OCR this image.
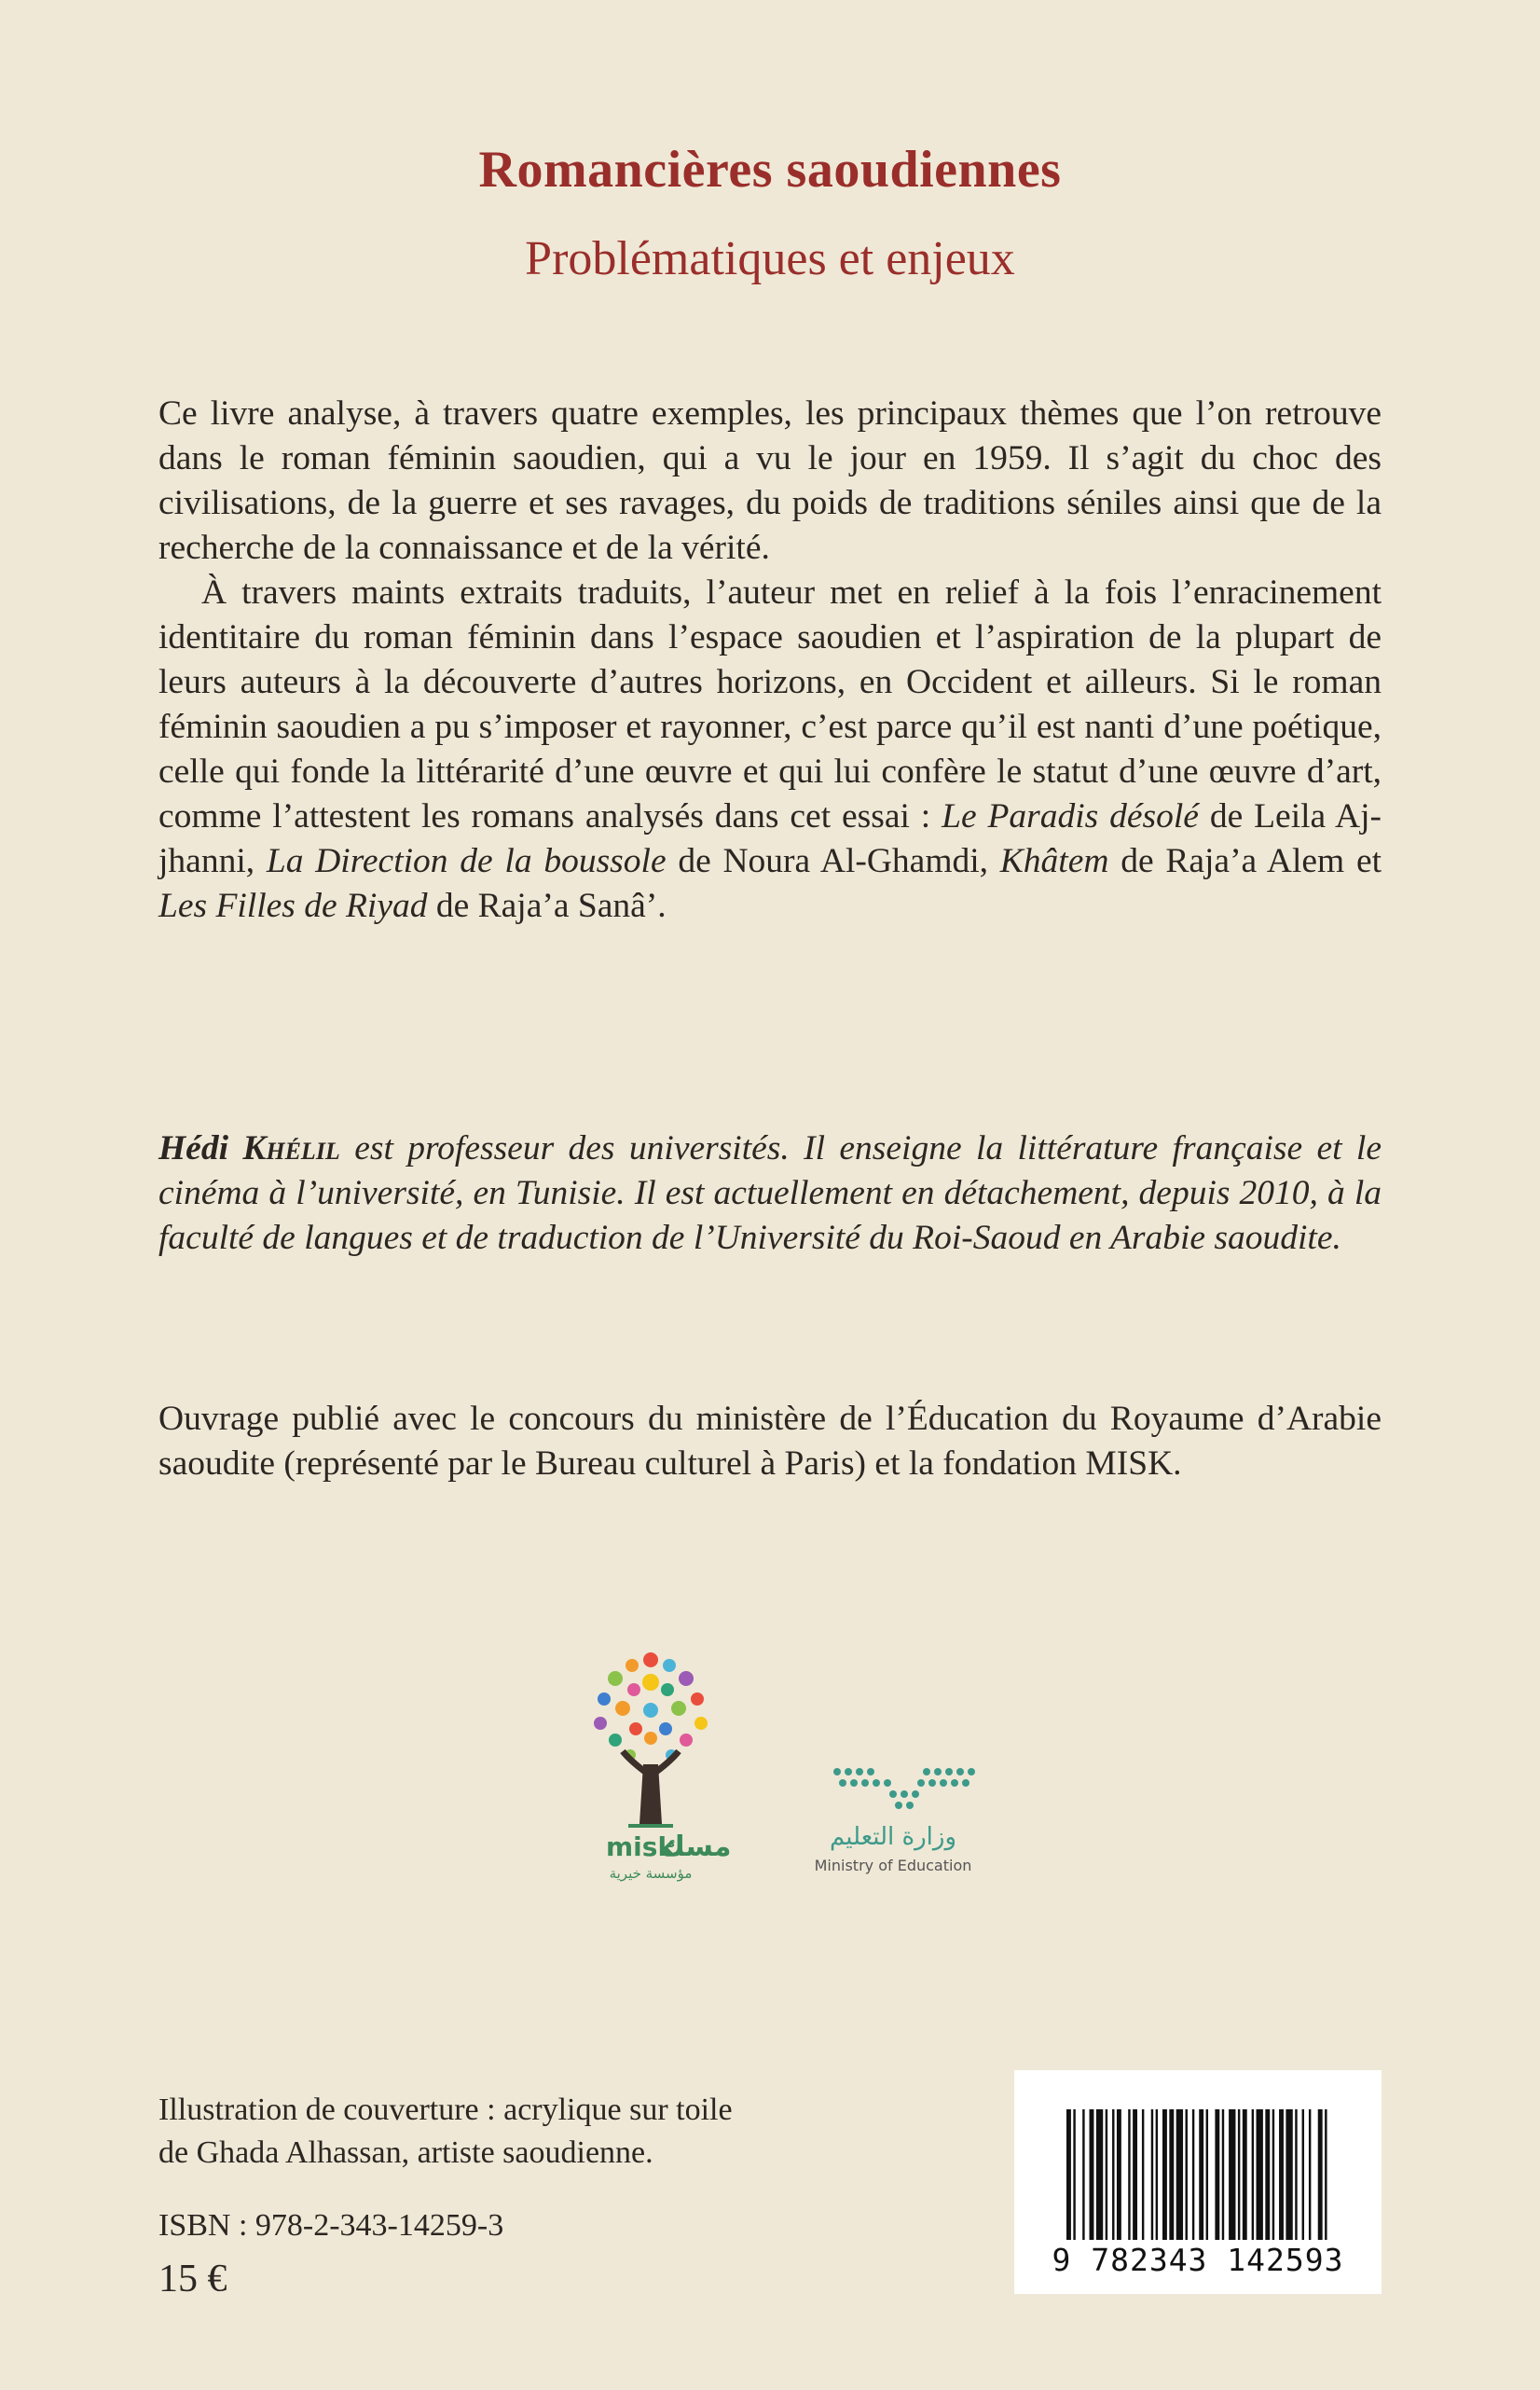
Romancières saoudiennes
Problématiques et enjeux

Ce livre analyse, à travers quatre exemples, les principaux thèmes que l’on retrouve dans le roman féminin saoudien, qui a vu le jour en 1959. Il s’agit du choc des civilisations, de la guerre et ses ravages, du poids de traditions séniles ainsi que de la recherche de la connaissance et de la vérité.

À travers maints extraits traduits, l’auteur met en relief à la fois l’enracinement identitaire du roman féminin dans l’espace saoudien et l’aspiration de la plupart de leurs auteurs à la découverte d’autres horizons, en Occident et ailleurs. Si le roman féminin saoudien a pu s’imposer et rayonner, c’est parce qu’il est nanti d’une poétique, celle qui fonde la littérarité d’une œuvre et qui lui confère le statut d’une œuvre d’art, comme l’attestent les romans analysés dans cet essai : Le Paradis désolé de Leila Aj-jhanni, La Direction de la boussole de Noura Al-Ghamdi, Khâtem de Raja’a Alem et Les Filles de Riyad de Raja’a Sanâ’.

Hédi Khélil est professeur des universités. Il enseigne la littérature française et le cinéma à l’université, en Tunisie. Il est actuellement en détachement, depuis 2010, à la faculté de langues et de traduction de l’Université du Roi-Saoud en Arabie saoudite.

Ouvrage publié avec le concours du ministère de l’Éducation du Royaume d’Arabie saoudite (représenté par le Bureau culturel à Paris) et la fondation MISK.

misk
مسك
مؤسسة خيرية
وزارة التعليم
Ministry of Education
Illustration de couverture : acrylique sur toile
de Ghada Alhassan, artiste saoudienne.

ISBN : 978-2-343-14259-3

15 €	9 782343 142593
